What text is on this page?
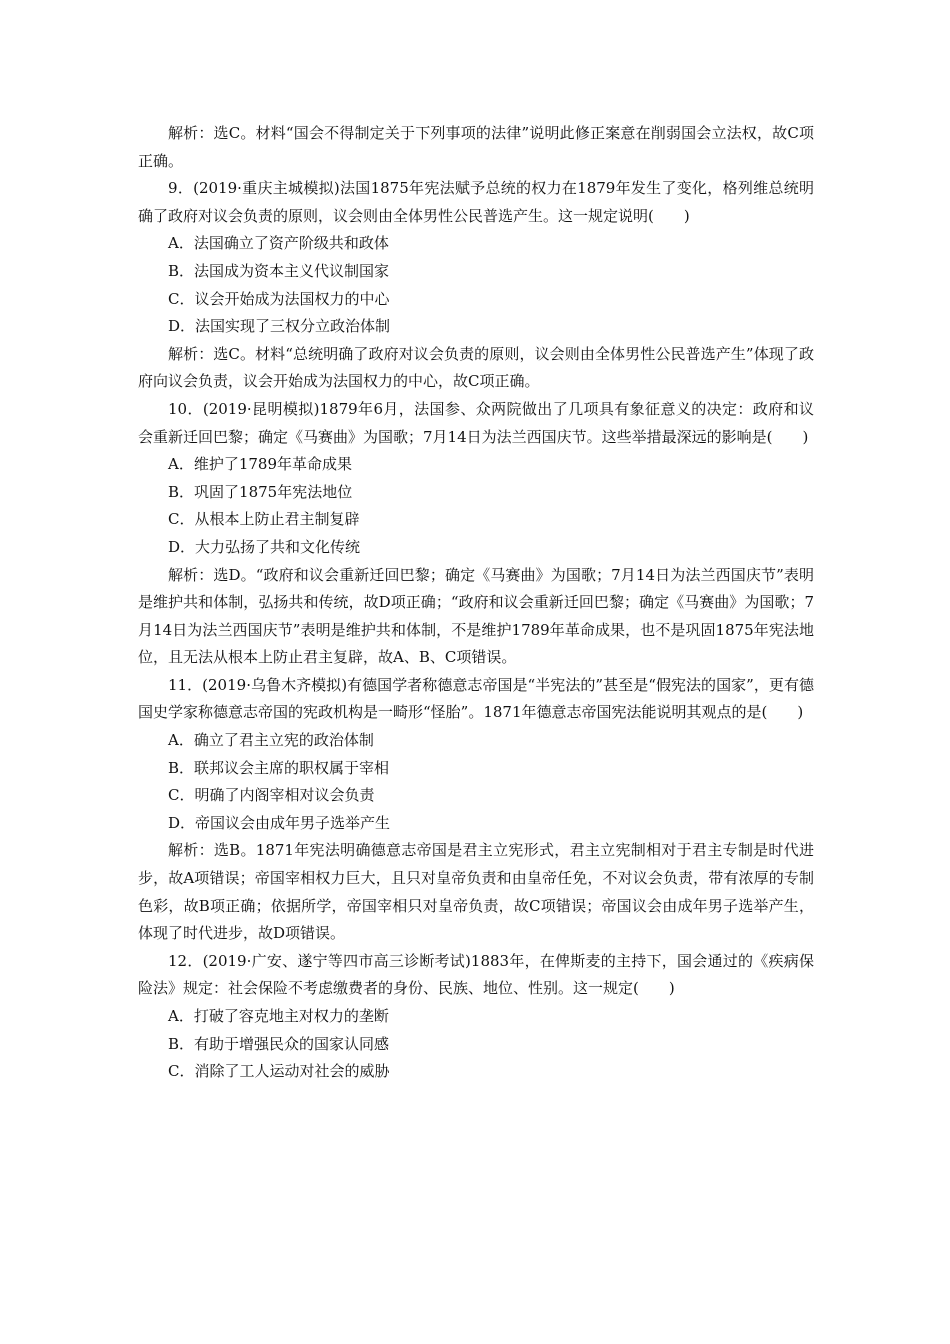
解析：选C。材料“国会不得制定关于下列事项的法律”说明此修正案意在削弱国会立法权，故C项正确。

9．(2019·重庆主城模拟)法国1875年宪法赋予总统的权力在1879年发生了变化，格列维总统明确了政府对议会负责的原则，议会则由全体男性公民普选产生。这一规定说明(　　)

A．法国确立了资产阶级共和政体

B．法国成为资本主义代议制国家

C．议会开始成为法国权力的中心

D．法国实现了三权分立政治体制

解析：选C。材料“总统明确了政府对议会负责的原则，议会则由全体男性公民普选产生”体现了政府向议会负责，议会开始成为法国权力的中心，故C项正确。

10．(2019·昆明模拟)1879年6月，法国参、众两院做出了几项具有象征意义的决定：政府和议会重新迁回巴黎；确定《马赛曲》为国歌；7月14日为法兰西国庆节。这些举措最深远的影响是(　　)

A．维护了1789年革命成果

B．巩固了1875年宪法地位

C．从根本上防止君主制复辟

D．大力弘扬了共和文化传统

解析：选D。“政府和议会重新迁回巴黎；确定《马赛曲》为国歌；7月14日为法兰西国庆节”表明是维护共和体制，弘扬共和传统，故D项正确；“政府和议会重新迁回巴黎；确定《马赛曲》为国歌；7月14日为法兰西国庆节”表明是维护共和体制，不是维护1789年革命成果，也不是巩固1875年宪法地位，且无法从根本上防止君主复辟，故A、B、C项错误。

11．(2019·乌鲁木齐模拟)有德国学者称德意志帝国是“半宪法的”甚至是“假宪法的国家”，更有德国史学家称德意志帝国的宪政机构是一畸形“怪胎”。1871年德意志帝国宪法能说明其观点的是(　　)

A．确立了君主立宪的政治体制

B．联邦议会主席的职权属于宰相

C．明确了内阁宰相对议会负责

D．帝国议会由成年男子选举产生

解析：选B。1871年宪法明确德意志帝国是君主立宪形式，君主立宪制相对于君主专制是时代进步，故A项错误；帝国宰相权力巨大，且只对皇帝负责和由皇帝任免，不对议会负责，带有浓厚的专制色彩，故B项正确；依据所学，帝国宰相只对皇帝负责，故C项错误；帝国议会由成年男子选举产生，体现了时代进步，故D项错误。

12．(2019·广安、遂宁等四市高三诊断考试)1883年，在俾斯麦的主持下，国会通过的《疾病保险法》规定：社会保险不考虑缴费者的身份、民族、地位、性别。这一规定(　　)

A．打破了容克地主对权力的垄断

B．有助于增强民众的国家认同感

C．消除了工人运动对社会的威胁
